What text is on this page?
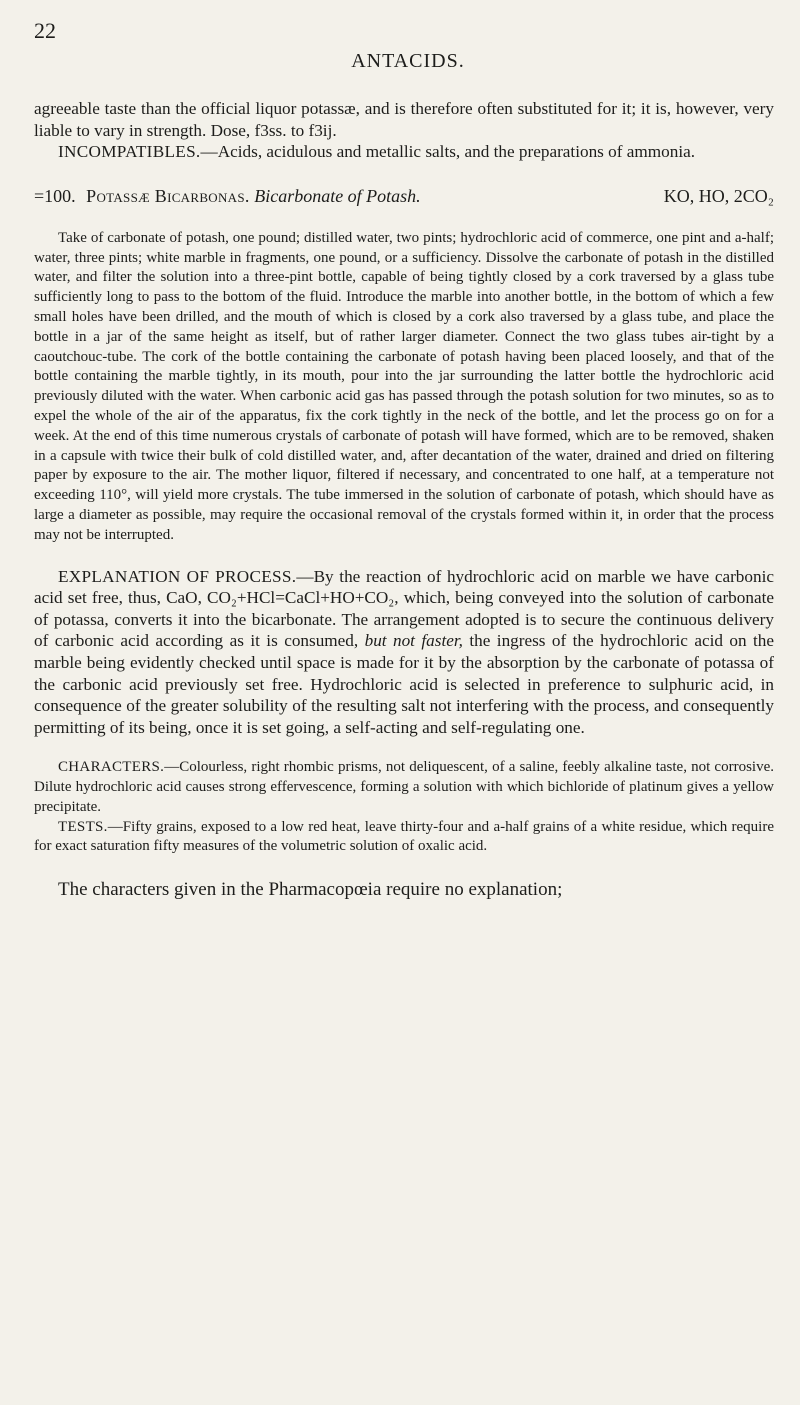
22
ANTACIDS.

agreeable taste than the official liquor potassæ, and is therefore often substituted for it; it is, however, very liable to vary in strength. Dose, f3ss. to f3ij.

INCOMPATIBLES.—Acids, acidulous and metallic salts, and the preparations of ammonia.

=100. Potassæ Bicarbonas. Bicarbonate of Potash.	KO, HO, 2CO₂

Take of carbonate of potash, one pound; distilled water, two pints; hydrochloric acid of commerce, one pint and a-half; water, three pints; white marble in fragments, one pound, or a sufficiency. Dissolve the carbonate of potash in the distilled water, and filter the solution into a three-pint bottle, capable of being tightly closed by a cork traversed by a glass tube sufficiently long to pass to the bottom of the fluid. Introduce the marble into another bottle, in the bottom of which a few small holes have been drilled, and the mouth of which is closed by a cork also traversed by a glass tube, and place the bottle in a jar of the same height as itself, but of rather larger diameter. Connect the two glass tubes air-tight by a caoutchouc-tube. The cork of the bottle containing the carbonate of potash having been placed loosely, and that of the bottle containing the marble tightly, in its mouth, pour into the jar surrounding the latter bottle the hydrochloric acid previously diluted with the water. When carbonic acid gas has passed through the potash solution for two minutes, so as to expel the whole of the air of the apparatus, fix the cork tightly in the neck of the bottle, and let the process go on for a week. At the end of this time numerous crystals of carbonate of potash will have formed, which are to be removed, shaken in a capsule with twice their bulk of cold distilled water, and, after decantation of the water, drained and dried on filtering paper by exposure to the air. The mother liquor, filtered if necessary, and concentrated to one half, at a temperature not exceeding 110°, will yield more crystals. The tube immersed in the solution of carbonate of potash, which should have as large a diameter as possible, may require the occasional removal of the crystals formed within it, in order that the process may not be interrupted.

EXPLANATION OF PROCESS.—By the reaction of hydrochloric acid on marble we have carbonic acid set free, thus, CaO, CO₂+HCl=CaCl+HO+CO₂, which, being conveyed into the solution of carbonate of potassa, converts it into the bicarbonate. The arrangement adopted is to secure the continuous delivery of carbonic acid according as it is consumed, but not faster, the ingress of the hydrochloric acid on the marble being evidently checked until space is made for it by the absorption by the carbonate of potassa of the carbonic acid previously set free. Hydrochloric acid is selected in preference to sulphuric acid, in consequence of the greater solubility of the resulting salt not interfering with the process, and consequently permitting of its being, once it is set going, a self-acting and self-regulating one.

CHARACTERS.—Colourless, right rhombic prisms, not deliquescent, of a saline, feebly alkaline taste, not corrosive. Dilute hydrochloric acid causes strong effervescence, forming a solution with which bichloride of platinum gives a yellow precipitate.

TESTS.—Fifty grains, exposed to a low red heat, leave thirty-four and a-half grains of a white residue, which require for exact saturation fifty measures of the volumetric solution of oxalic acid.

The characters given in the Pharmacopœia require no explanation;
